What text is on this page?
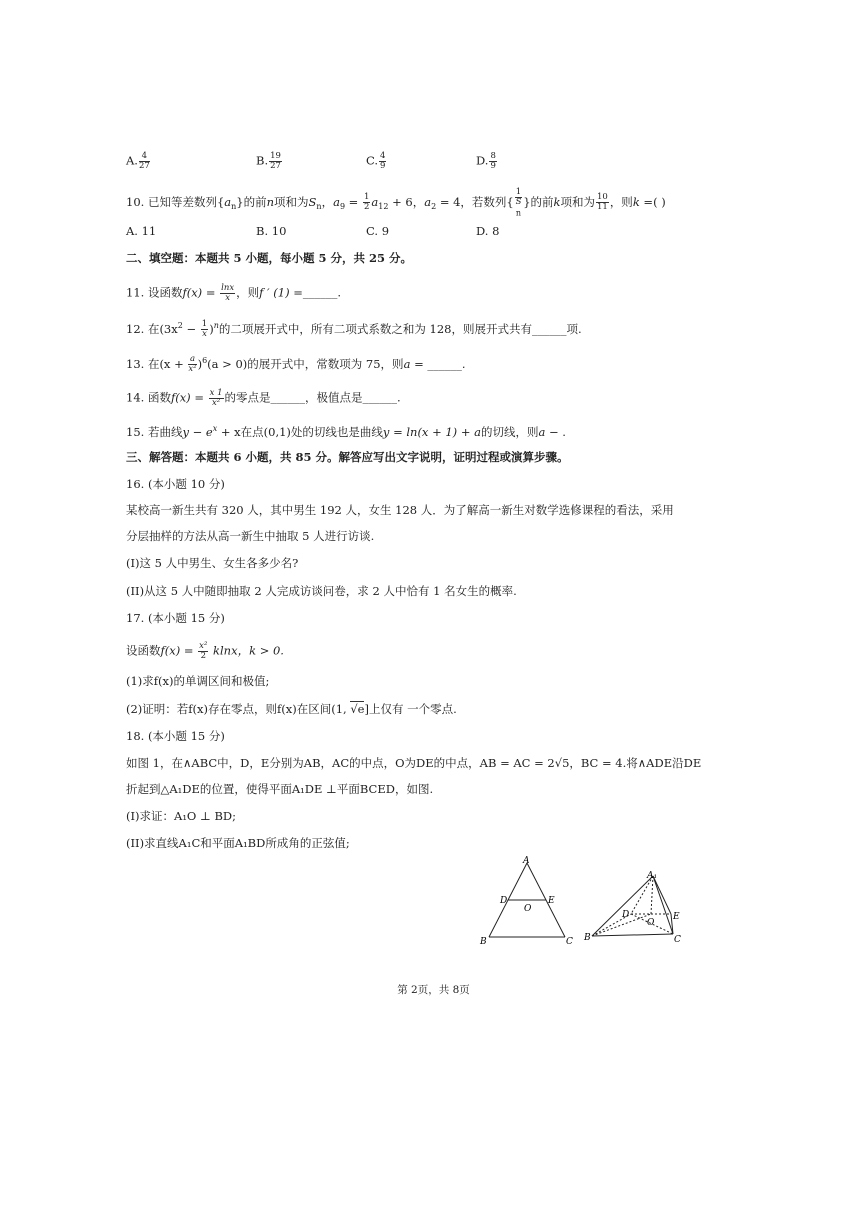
A. $\frac{4}{27}$	B. $\frac{19}{27}$	C. $\frac{4}{9}$	D. $\frac{8}{9}$
10. 已知等差数列$\{a_n\}$的前n项和为$S_n$，$a_9 = \frac{1}{2} a_{12} + 6$，$a_2 = 4$，若数列{ 1
S
$_n$ }的前k项和为 $\frac{10}{11}$ ，则k =( )
A. 11	B. 10	C. 9	D. 8
二、填空题：本题共 5 小题，每小题 5 分，共 25 分。
11. 设函数$f(x) = \frac{\ln x}{x}$ ，则f ′ (1) =______.
12. 在$(3x^2 - \frac{1}{x} )^n$的二项展开式中，所有二项式系数之和为 128，则展开式共有______项.
13. 在$(x + \frac{a}{\text{x²}} )^6(a > 0)$的展开式中，常数项为 75，则a = ______.
14. 函数$f(x) = \frac{x 1}{\text{x²}}$ 的零点是______，极值点是______.
15. 若曲线$y - e^x + x$在点(0,1)处的切线也是曲线y = ln(x + 1) + a的切线，则a − .
三、解答题：本题共 6 小题，共 85 分。解答应写出文字说明，证明过程或演算步骤。
16. (本小题 10 分)
某校高一新生共有 320 人，其中男生 192 人，女生 128 人．为了解高一新生对数学选修课程的看法，采用
分层抽样的方法从高一新生中抽取 5 人进行访谈.
(I)这 5 人中男生、女生各多少名?
(II)从这 5 人中随即抽取 2 人完成访谈问卷，求 2 人中恰有 1 名女生的概率.
17. (本小题 15 分)
设函数$f(x) = \frac{\text{x²}}{2}$ klnx，k > 0.
(1)求f(x)的单调区间和极值;
(2)证明：若f(x)存在零点，则f(x)在区间(1, √e]上仅有 一个零点.
18. (本小题 15 分)
如图 1，在∧ABC中，D，E分别为AB，AC的中点，O为DE的中点，AB = AC = 2√5，BC = 4.将∧ADE沿DE
折起到△A₁DE的位置，使得平面A₁DE ⊥平面BCED，如图.
(I)求证：A₁O ⊥ BD;
(II)求直线A₁C和平面A₁BD所成角的正弦值;
A
B	C
D	E
O
A₁
B	C
D	E
O
第 2页，共 8页
